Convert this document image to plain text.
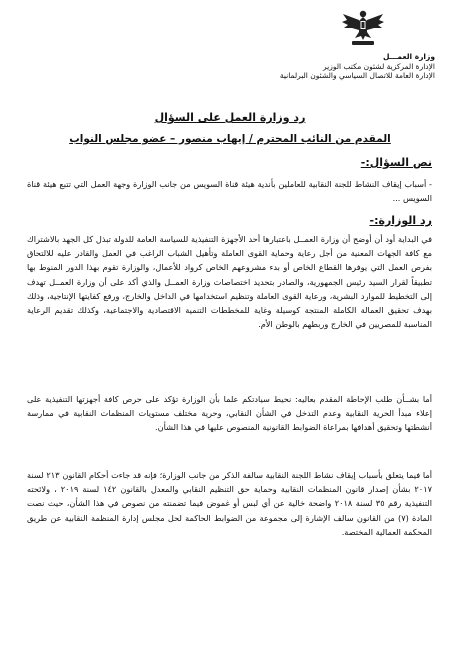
وزارة العمـــل
الإدارة المركزية لشئون مكتب الوزير
الإدارة العامة للاتصال السياسي والشئون البرلمانية
رد وزارة العمل على السؤال
المقدم من النائب المحترم / إيهاب منصور – عضو مجلس النواب
نص السؤال:-
- أسباب إيقاف النشاط للجنة النقابية للعاملين بأندية هيئة قناة السويس من جانب الوزارة وجهة العمل التي تتبع هيئة قناة السويس ...
رد الوزارة:-

في البداية أود أن أوضح أن وزارة العمــل باعتبارها أحد الأجهزة التنفيذية للسياسة العامة للدولة تبذل كل الجهد بالاشتراك مع كافة الجهات المعنية من أجل رعاية وحماية القوى العاملة وتأهيل الشباب الراغب في العمل والقادر عليه للالتحاق بفرص العمل التي يوفرها القطاع الخاص أو بدء مشروعهم الخاص كرواد للأعمال، والوزارة تقوم بهذا الدور المنوط بها تطبيقاً لقرار السيد رئيس الجمهورية، والصادر بتحديد اختصاصات وزارة العمــل والذي أكد على أن وزارة العمــل تهدف إلى التخطيط للموارد البشرية، ورعاية القوى العاملة وتنظيم استخدامها في الداخل والخارج، ورفع كفايتها الإنتاجية، وذلك بهدف تحقيق العمالة الكاملة المنتجة كوسيلة وغاية للمخططات التنمية الاقتصادية والاجتماعية، وكذلك تقديم الرعاية المناسبة للمصريين في الخارج وربطهم بالوطن الأم.

أما بشــأن طلب الإحاطة المقدم بعاليه: نحيط سيادتكم علما بأن الوزارة تؤكد على حرص كافة أجهزتها التنفيذية على إعلاء مبدأ الحرية النقابية وعدم التدخل في الشأن النقابي، وحرية مختلف مستويات المنظمات النقابية في ممارسة أنشطتها وتحقيق أهدافها بمراعاة الضوابط القانونية المنصوص عليها في هذا الشأن.

أما فيما يتعلق بأسباب إيقاف نشاط اللجنة النقابية سالفة الذكر من جانب الوزارة؛ فإنه قد جاءت أحكام القانون ٢١٣ لسنة ٢٠١٧ بشأن إصدار قانون المنظمات النقابية وحماية حق التنظيم النقابي والمعدل بالقانون ١٤٢ لسنة ٢٠١٩ ، ولائحته التنفيذية رقم ٣٥ لسنة ٢٠١٨ واضحة خالية عن أي لبس أو غموض فيما تضمنته من نصوص في هذا الشأن، حيث نصت المادة (٧) من القانون سالف الإشارة إلى مجموعة من الضوابط الحاكمة لحل مجلس إدارة المنظمة النقابية عن طريق المحكمة العمالية المختصة.
